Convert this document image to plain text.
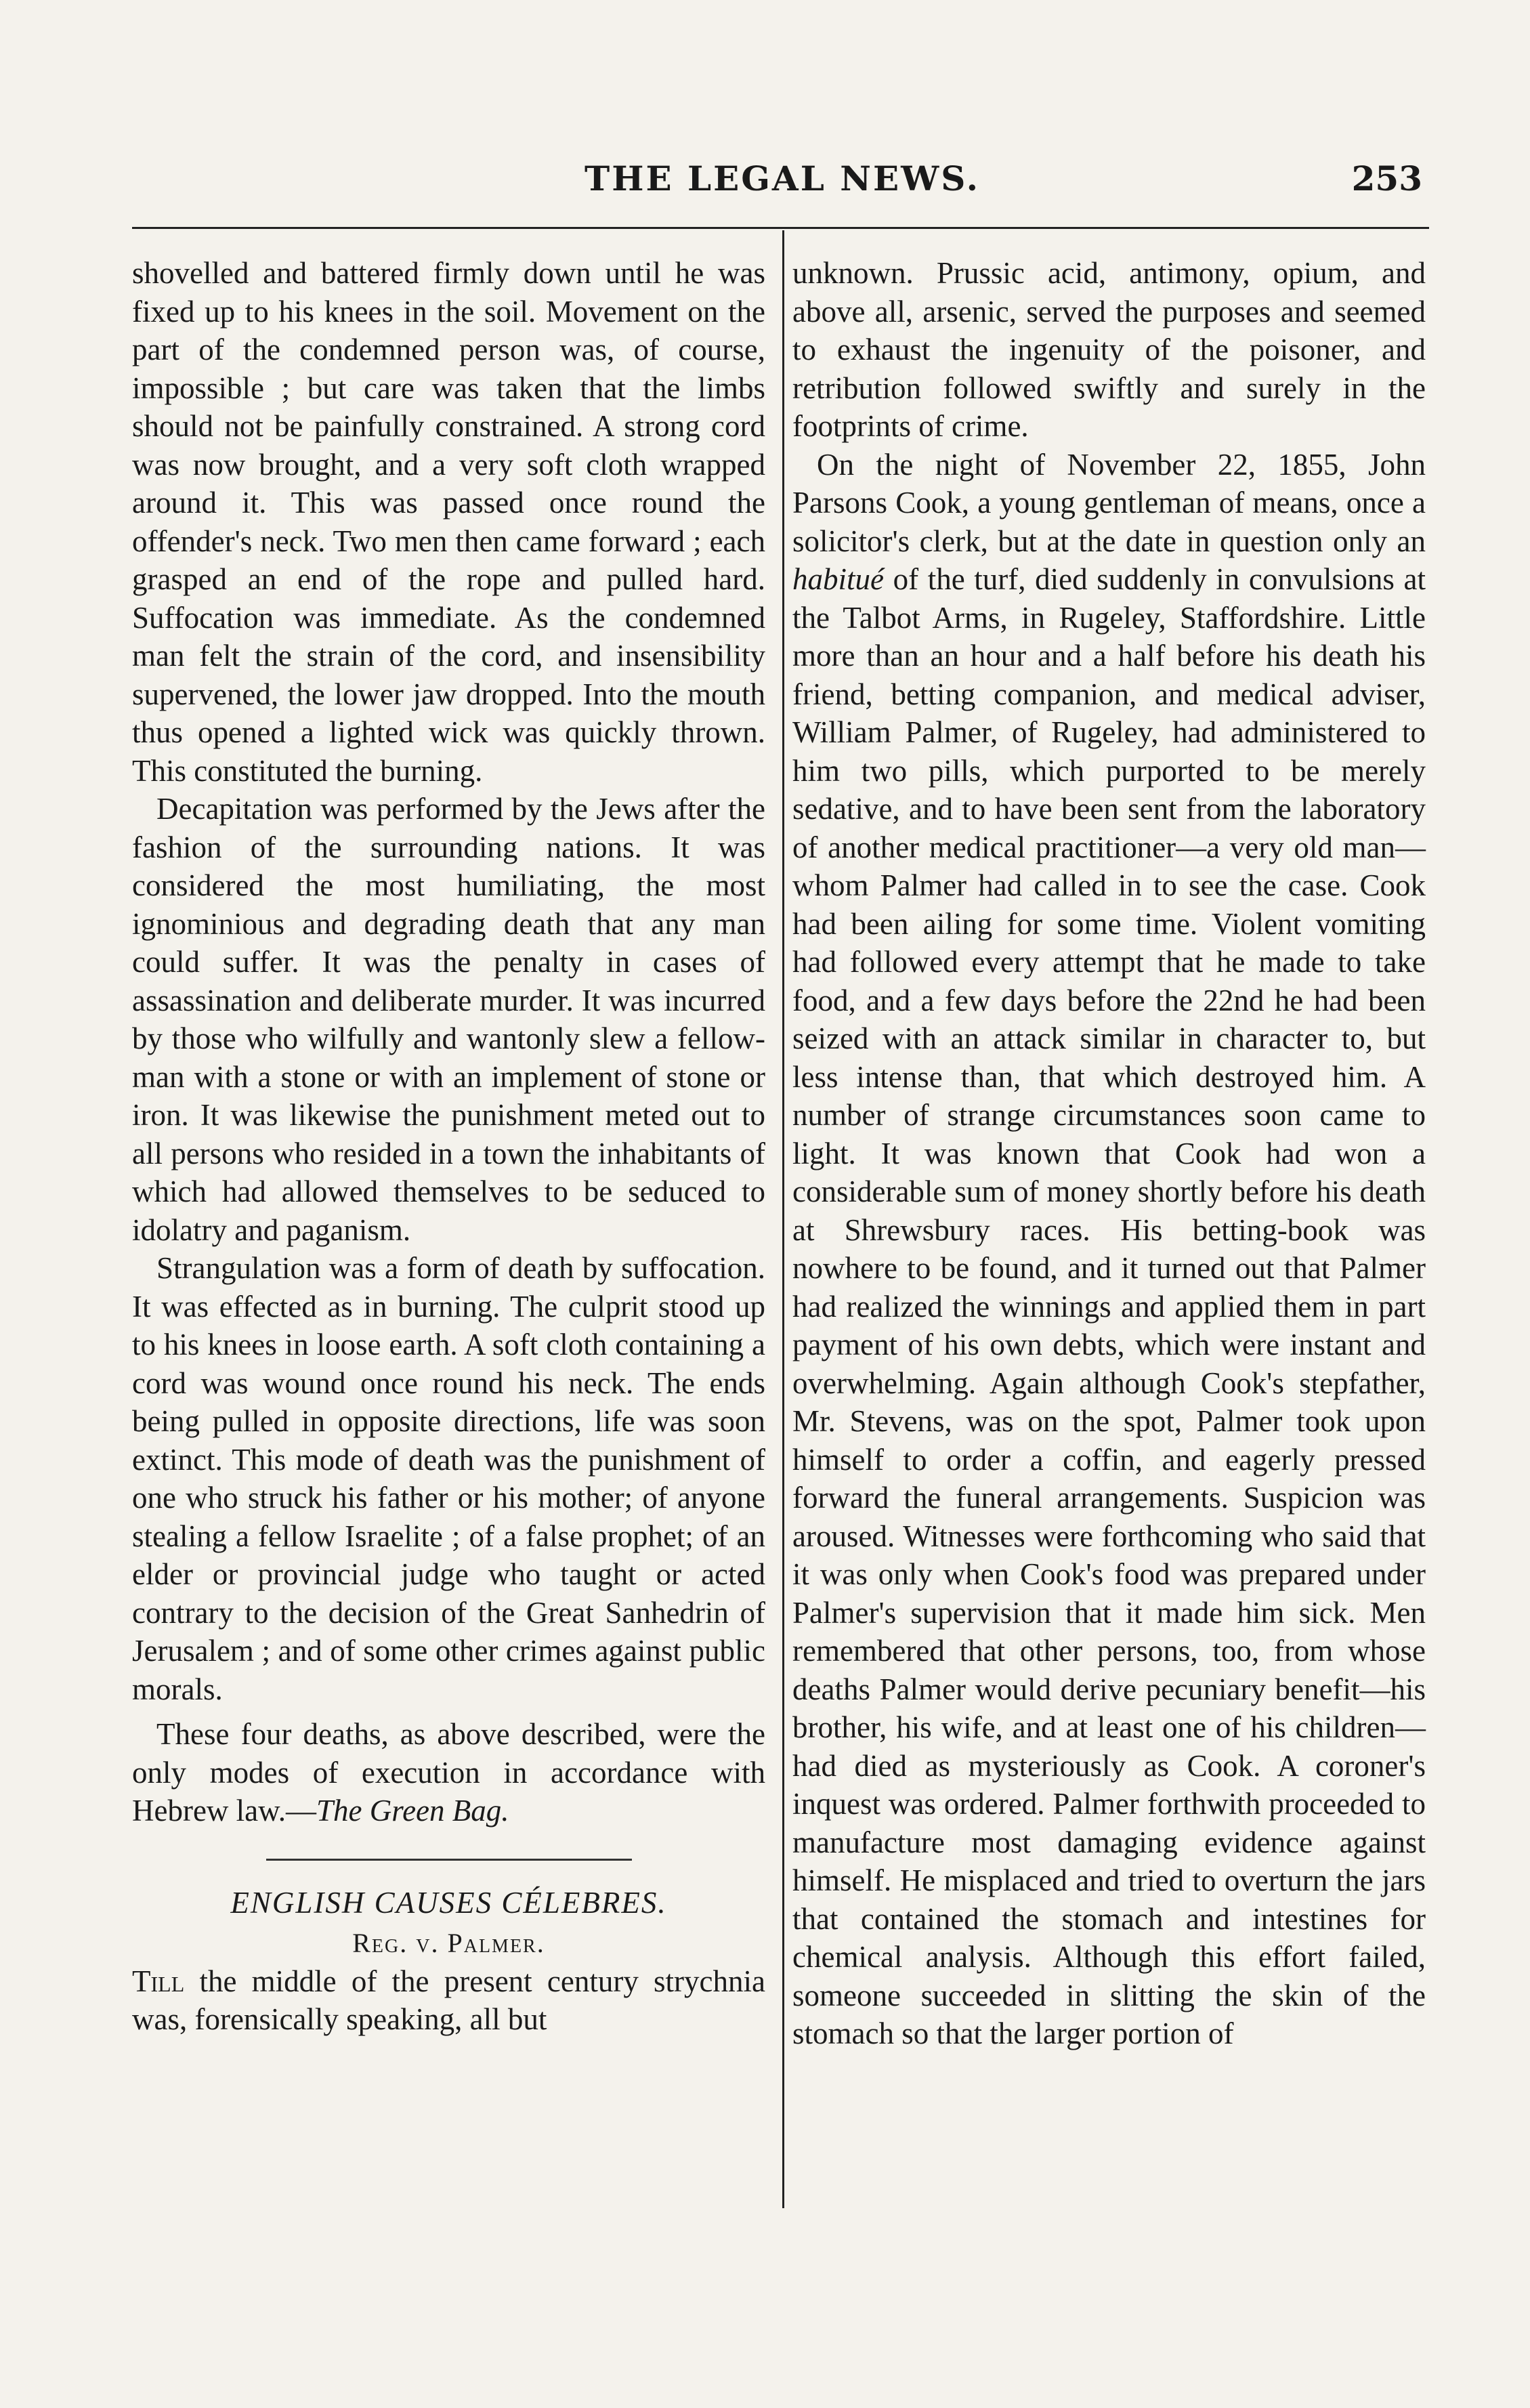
THE LEGAL NEWS.	253

shovelled and battered firmly down until he was fixed up to his knees in the soil. Movement on the part of the condemned person was, of course, impossible ; but care was taken that the limbs should not be painfully constrained. A strong cord was now brought, and a very soft cloth wrapped around it. This was passed once round the offender's neck. Two men then came forward ; each grasped an end of the rope and pulled hard. Suffocation was immediate. As the condemned man felt the strain of the cord, and insensibility supervened, the lower jaw dropped. Into the mouth thus opened a lighted wick was quickly thrown. This constituted the burning.

Decapitation was performed by the Jews after the fashion of the surrounding nations. It was considered the most humiliating, the most ignominious and degrading death that any man could suffer. It was the penalty in cases of assassination and deliberate murder. It was incurred by those who wilfully and wantonly slew a fellow-man with a stone or with an implement of stone or iron. It was likewise the punishment meted out to all persons who resided in a town the inhabitants of which had allowed themselves to be seduced to idolatry and paganism.

Strangulation was a form of death by suffocation. It was effected as in burning. The culprit stood up to his knees in loose earth. A soft cloth containing a cord was wound once round his neck. The ends being pulled in opposite directions, life was soon extinct. This mode of death was the punishment of one who struck his father or his mother; of anyone stealing a fellow Israelite ; of a false prophet; of an elder or provincial judge who taught or acted contrary to the decision of the Great Sanhedrin of Jerusalem ; and of some other crimes against public morals.

These four deaths, as above described, were the only modes of execution in accordance with Hebrew law.—The Green Bag.

ENGLISH CAUSES CÉLEBRES.

Reg. v. Palmer.

Till the middle of the present century strychnia was, forensically speaking, all but

unknown. Prussic acid, antimony, opium, and above all, arsenic, served the purposes and seemed to exhaust the ingenuity of the poisoner, and retribution followed swiftly and surely in the footprints of crime.

On the night of November 22, 1855, John Parsons Cook, a young gentleman of means, once a solicitor's clerk, but at the date in question only an habitué of the turf, died suddenly in convulsions at the Talbot Arms, in Rugeley, Staffordshire. Little more than an hour and a half before his death his friend, betting companion, and medical adviser, William Palmer, of Rugeley, had administered to him two pills, which purported to be merely sedative, and to have been sent from the laboratory of another medical practitioner—a very old man—whom Palmer had called in to see the case. Cook had been ailing for some time. Violent vomiting had followed every attempt that he made to take food, and a few days before the 22nd he had been seized with an attack similar in character to, but less intense than, that which destroyed him. A number of strange circumstances soon came to light. It was known that Cook had won a considerable sum of money shortly before his death at Shrewsbury races. His betting-book was nowhere to be found, and it turned out that Palmer had realized the winnings and applied them in part payment of his own debts, which were instant and overwhelming. Again although Cook's stepfather, Mr. Stevens, was on the spot, Palmer took upon himself to order a coffin, and eagerly pressed forward the funeral arrangements. Suspicion was aroused. Witnesses were forthcoming who said that it was only when Cook's food was prepared under Palmer's supervision that it made him sick. Men remembered that other persons, too, from whose deaths Palmer would derive pecuniary benefit—his brother, his wife, and at least one of his children—had died as mysteriously as Cook. A coroner's inquest was ordered. Palmer forthwith proceeded to manufacture most damaging evidence against himself. He misplaced and tried to overturn the jars that contained the stomach and intestines for chemical analysis. Although this effort failed, someone succeeded in slitting the skin of the stomach so that the larger portion of
